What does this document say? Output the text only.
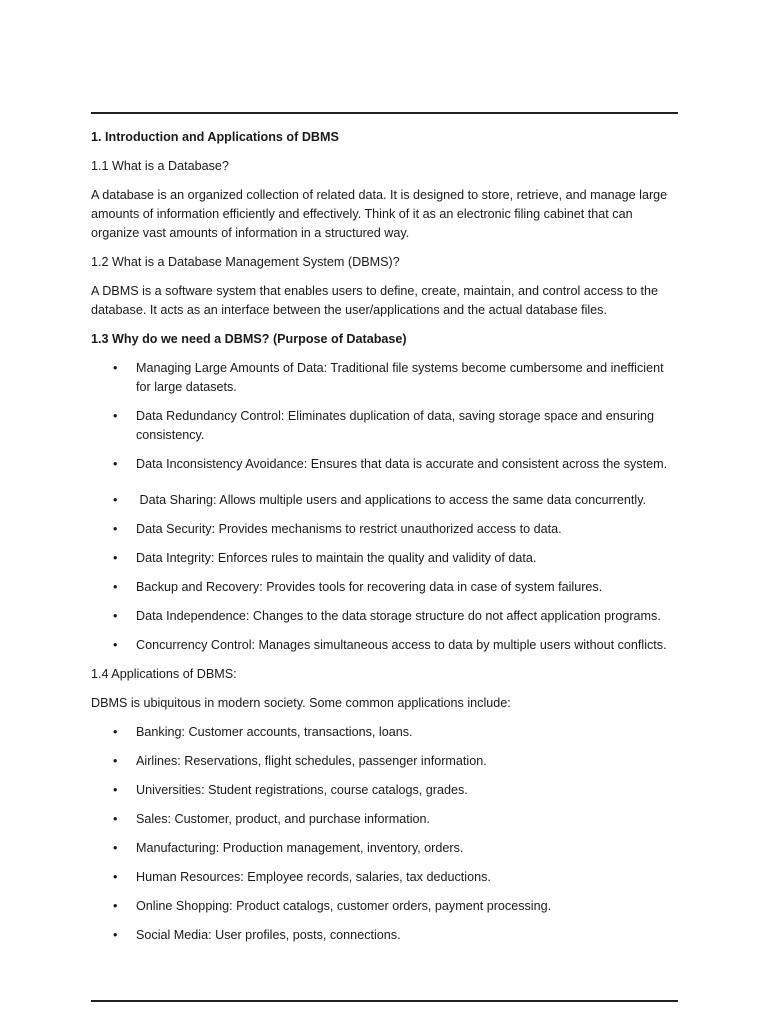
1. Introduction and Applications of DBMS

1.1 What is a Database?

A database is an organized collection of related data. It is designed to store, retrieve, and manage large amounts of information efficiently and effectively. Think of it as an electronic filing cabinet that can organize vast amounts of information in a structured way.

1.2 What is a Database Management System (DBMS)?

A DBMS is a software system that enables users to define, create, maintain, and control access to the database. It acts as an interface between the user/applications and the actual database files.

1.3 Why do we need a DBMS? (Purpose of Database)

• Managing Large Amounts of Data: Traditional file systems become cumbersome and inefficient for large datasets.
• Data Redundancy Control: Eliminates duplication of data, saving storage space and ensuring consistency.
• Data Inconsistency Avoidance: Ensures that data is accurate and consistent across the system.
• Data Sharing: Allows multiple users and applications to access the same data concurrently.
• Data Security: Provides mechanisms to restrict unauthorized access to data.
• Data Integrity: Enforces rules to maintain the quality and validity of data.
• Backup and Recovery: Provides tools for recovering data in case of system failures.
• Data Independence: Changes to the data storage structure do not affect application programs.
• Concurrency Control: Manages simultaneous access to data by multiple users without conflicts.

1.4 Applications of DBMS:

DBMS is ubiquitous in modern society. Some common applications include:

• Banking: Customer accounts, transactions, loans.
• Airlines: Reservations, flight schedules, passenger information.
• Universities: Student registrations, course catalogs, grades.
• Sales: Customer, product, and purchase information.
• Manufacturing: Production management, inventory, orders.
• Human Resources: Employee records, salaries, tax deductions.
• Online Shopping: Product catalogs, customer orders, payment processing.
• Social Media: User profiles, posts, connections.
